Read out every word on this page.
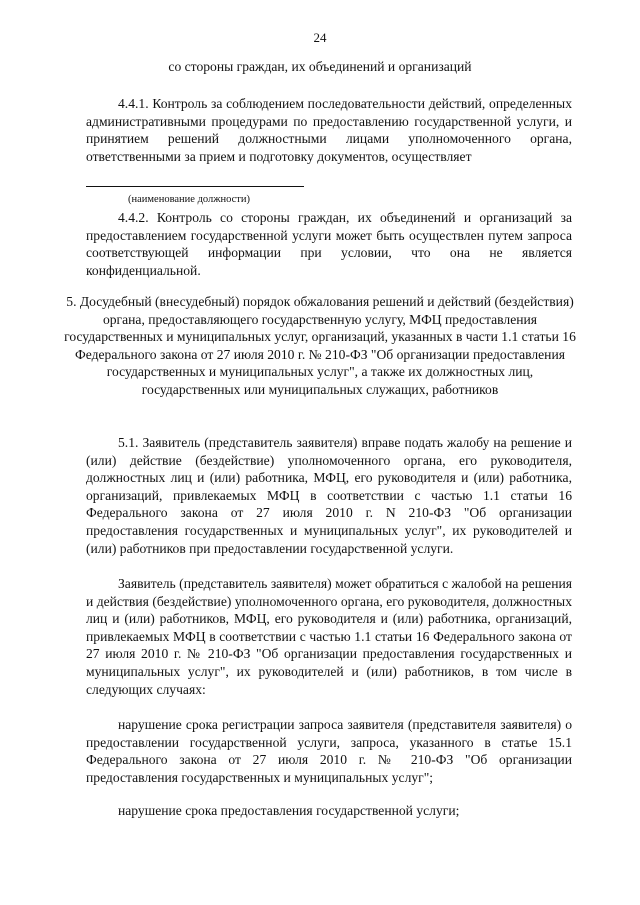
24
со стороны граждан, их объединений и организаций
4.4.1. Контроль за соблюдением последовательности действий, определенных административными процедурами по предоставлению государственной услуги, и принятием решений должностными лицами уполномоченного органа, ответственными за прием и подготовку документов, осуществляет
(наименование должности)
4.4.2. Контроль со стороны граждан, их объединений и организаций за предоставлением государственной услуги может быть осуществлен путем запроса соответствующей информации при условии, что она не является конфиденциальной.
5. Досудебный (внесудебный) порядок обжалования решений и действий (бездействия) органа, предоставляющего государственную услугу, МФЦ предоставления государственных и муниципальных услуг, организаций, указанных в части 1.1 статьи 16 Федерального закона от 27 июля 2010 г. № 210-ФЗ "Об организации предоставления государственных и муниципальных услуг", а также их должностных лиц, государственных или муниципальных служащих, работников
5.1. Заявитель (представитель заявителя) вправе подать жалобу на решение и (или) действие (бездействие) уполномоченного органа, его руководителя, должностных лиц и (или) работника, МФЦ, его руководителя и (или) работника, организаций, привлекаемых МФЦ в соответствии с частью 1.1 статьи 16 Федерального закона от 27 июля 2010 г. N 210-ФЗ "Об организации предоставления государственных и муниципальных услуг", их руководителей и (или) работников при предоставлении государственной услуги.
Заявитель (представитель заявителя) может обратиться с жалобой на решения и действия (бездействие) уполномоченного органа, его руководителя, должностных лиц и (или) работников, МФЦ, его руководителя и (или) работника, организаций, привлекаемых МФЦ в соответствии с частью 1.1 статьи 16 Федерального закона от 27 июля 2010 г. № 210-ФЗ "Об организации предоставления государственных и муниципальных услуг", их руководителей и (или) работников, в том числе в следующих случаях:
нарушение срока регистрации запроса заявителя (представителя заявителя) о предоставлении государственной услуги, запроса, указанного в статье 15.1 Федерального закона от 27 июля 2010 г. № 210-ФЗ "Об организации предоставления государственных и муниципальных услуг";
нарушение срока предоставления государственной услуги;
